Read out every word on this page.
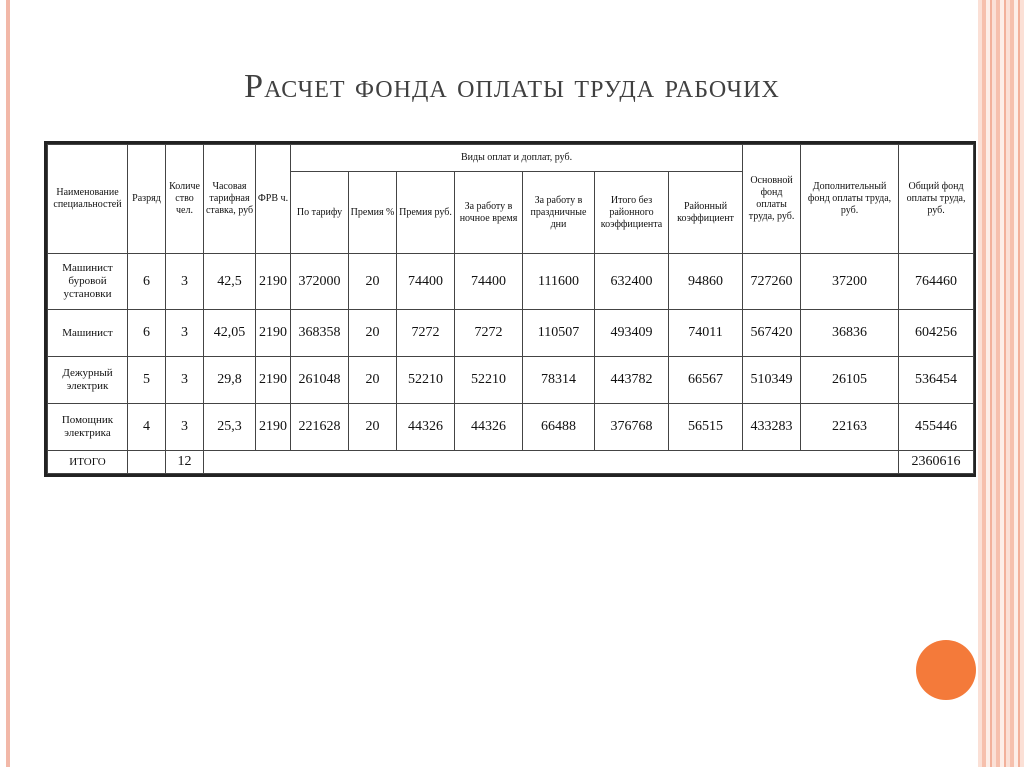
Расчет фонда оплаты труда рабочих
Наименование специальностей	Разряд	Количе ство чел.	Часовая тарифная ставка, руб	ФРВ ч.	Виды оплат и доплат, руб.							Основной фонд оплаты труда, руб.	Дополнительный фонд оплаты труда, руб.	Общий фонд оплаты труда, руб.
					По тарифу	Премия %	Премия руб.	За работу в ночное время	За работу в праздничные дни	Итого без районного коэффициента	Районный коэффициент			
Машинист буровой установки	6	3	42,5	2190	372000	20	74400	74400	111600	632400	94860	727260	37200	764460
Машинист	6	3	42,05	2190	368358	20	7272	7272	110507	493409	74011	567420	36836	604256
Дежурный электрик	5	3	29,8	2190	261048	20	52210	52210	78314	443782	66567	510349	26105	536454
Помощник электрика	4	3	25,3	2190	221628	20	44326	44326	66488	376768	56515	433283	22163	455446
ИТОГО		12												2360616
